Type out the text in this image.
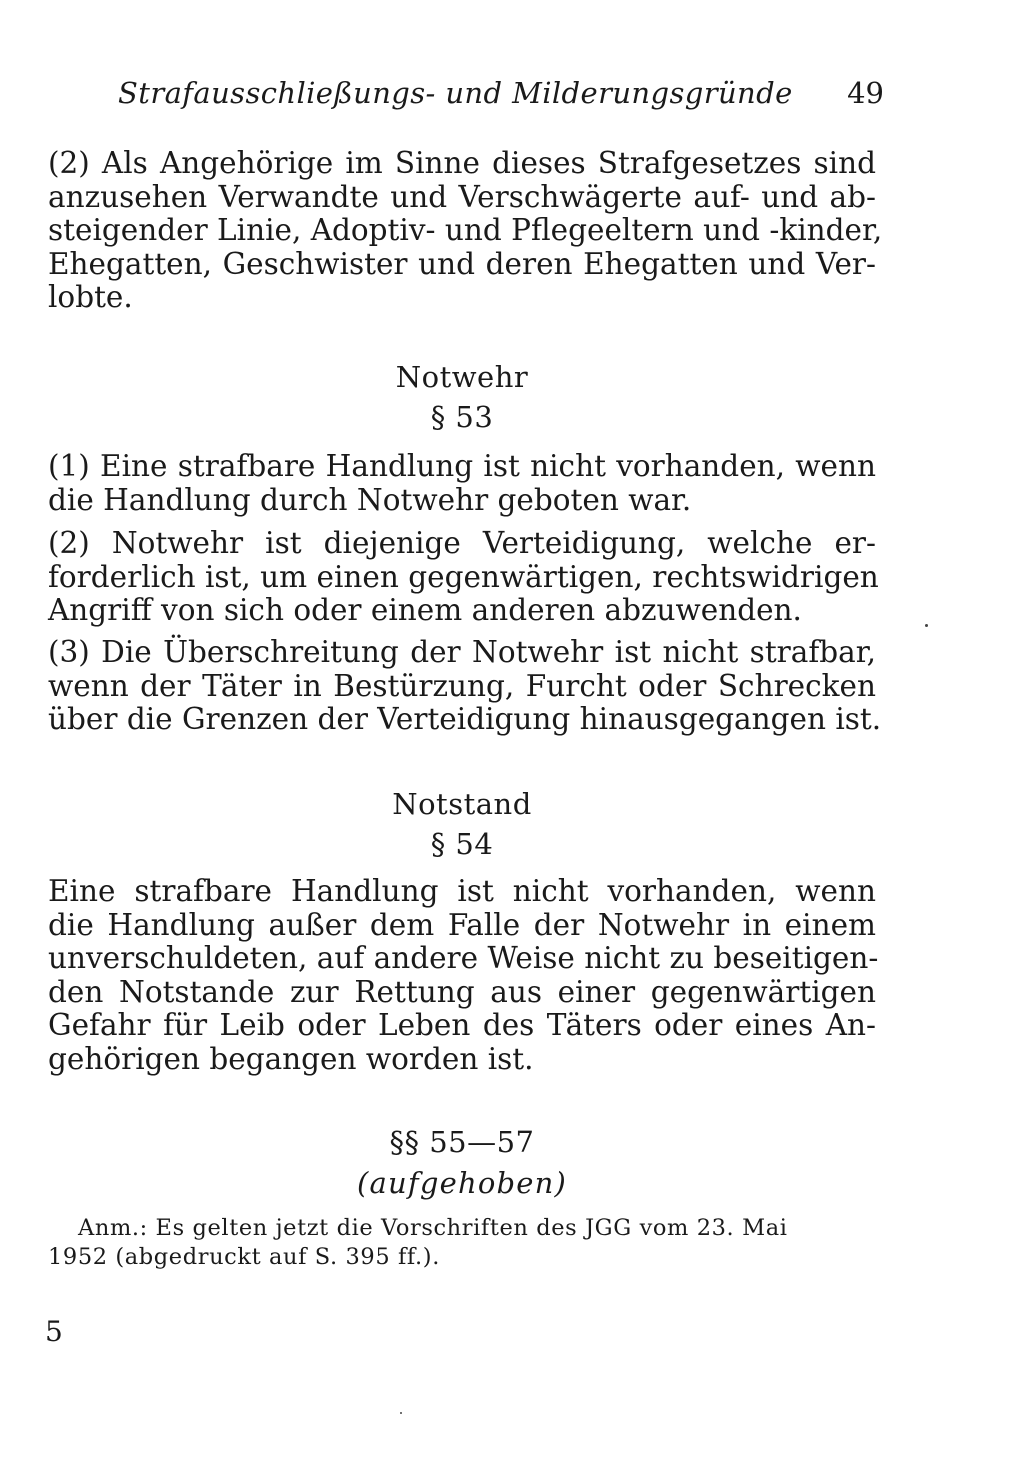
Strafausschließungs- und Milderungsgründe 49
(2) Als Angehörige im Sinne dieses Strafgesetzes sind
anzusehen Verwandte und Verschwägerte auf- und ab-
steigender Linie, Adoptiv- und Pflegeeltern und -kinder,
Ehegatten, Geschwister und deren Ehegatten und Ver-
lobte.
Notwehr
§ 53
(1) Eine strafbare Handlung ist nicht vorhanden, wenn
die Handlung durch Notwehr geboten war.
(2) Notwehr ist diejenige Verteidigung, welche er-
forderlich ist, um einen gegenwärtigen, rechtswidrigen
Angriff von sich oder einem anderen abzuwenden.
(3) Die Überschreitung der Notwehr ist nicht strafbar,
wenn der Täter in Bestürzung, Furcht oder Schrecken
über die Grenzen der Verteidigung hinausgegangen ist.
Notstand
§ 54
Eine strafbare Handlung ist nicht vorhanden, wenn
die Handlung außer dem Falle der Notwehr in einem
unverschuldeten, auf andere Weise nicht zu beseitigen-
den Notstande zur Rettung aus einer gegenwärtigen
Gefahr für Leib oder Leben des Täters oder eines An-
gehörigen begangen worden ist.
§§ 55—57
(aufgehoben)
Anm.: Es gelten jetzt die Vorschriften des JGG vom 23. Mai
1952 (abgedruckt auf S. 395 ff.).
5
